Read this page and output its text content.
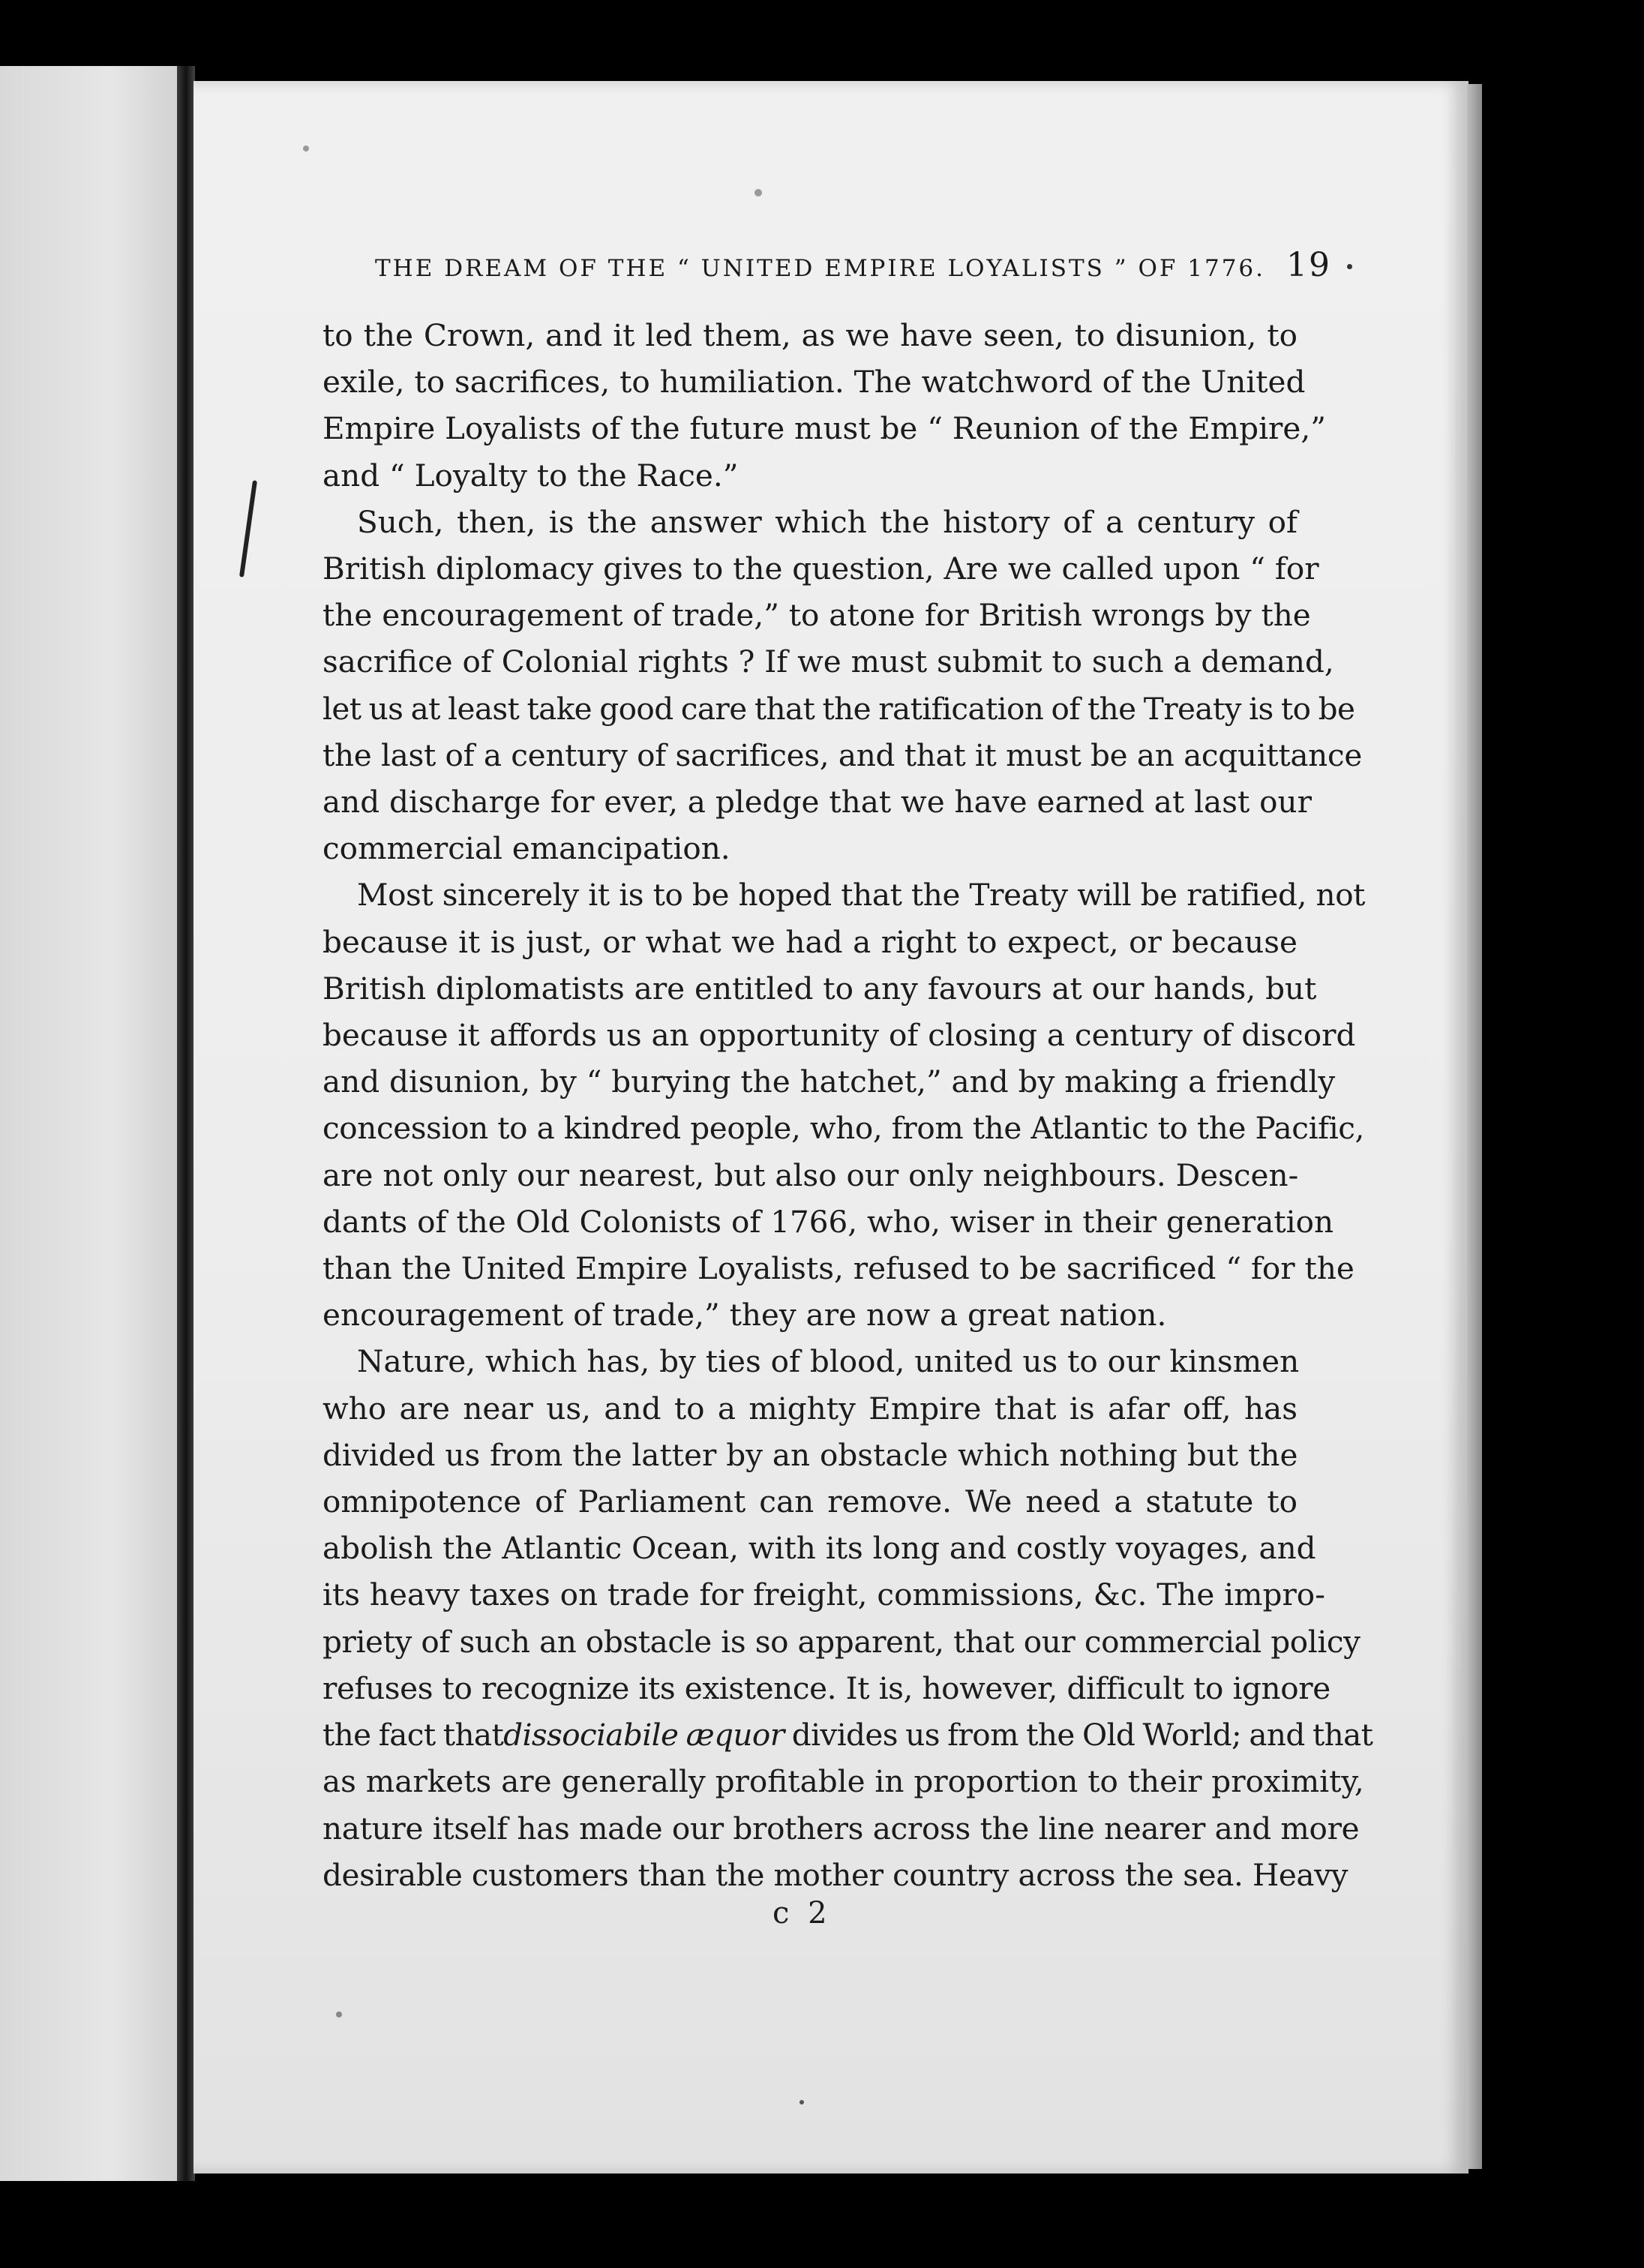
THE DREAM OF THE “ UNITED EMPIRE LOYALISTS ” OF 1776. 19
to the Crown, and it led them, as we have seen, to disunion, to
exile, to sacrifices, to humiliation. The watchword of the United
Empire Loyalists of the future must be “ Reunion of the Empire,”
and “ Loyalty to the Race.”
Such, then, is the answer which the history of a century of
British diplomacy gives to the question, Are we called upon “ for
the encouragement of trade,” to atone for British wrongs by the
sacrifice of Colonial rights ? If we must submit to such a demand,
let us at least take good care that the ratification of the Treaty is to be
the last of a century of sacrifices, and that it must be an acquittance
and discharge for ever, a pledge that we have earned at last our
commercial emancipation.
Most sincerely it is to be hoped that the Treaty will be ratified, not
because it is just, or what we had a right to expect, or because
British diplomatists are entitled to any favours at our hands, but
because it affords us an opportunity of closing a century of discord
and disunion, by “ burying the hatchet,” and by making a friendly
concession to a kindred people, who, from the Atlantic to the Pacific,
are not only our nearest, but also our only neighbours. Descen-
dants of the Old Colonists of 1766, who, wiser in their generation
than the United Empire Loyalists, refused to be sacrificed “ for the
encouragement of trade,” they are now a great nation.
Nature, which has, by ties of blood, united us to our kinsmen
who are near us, and to a mighty Empire that is afar off, has
divided us from the latter by an obstacle which nothing but the
omnipotence of Parliament can remove. We need a statute to
abolish the Atlantic Ocean, with its long and costly voyages, and
its heavy taxes on trade for freight, commissions, &c. The impro-
priety of such an obstacle is so apparent, that our commercial policy
refuses to recognize its existence. It is, however, difficult to ignore
the fact thatdissociabile æquor divides us from the Old World; and that
as markets are generally profitable in proportion to their proximity,
nature itself has made our brothers across the line nearer and more
desirable customers than the mother country across the sea. Heavy
c 2
